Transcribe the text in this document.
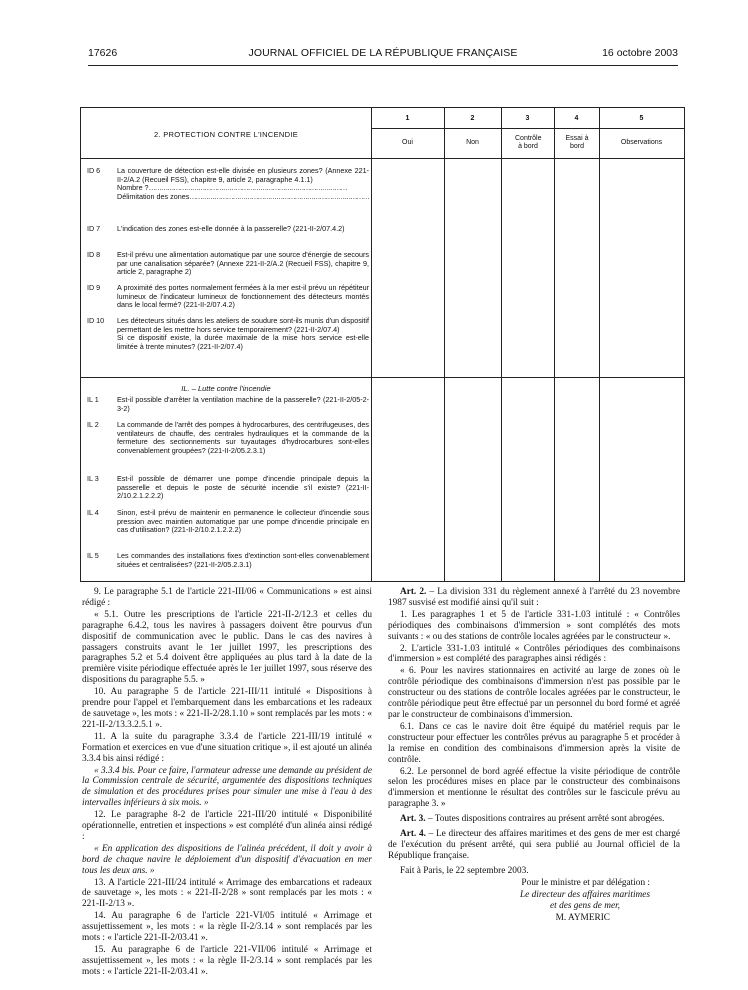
17626	JOURNAL OFFICIEL DE LA RÉPUBLIQUE FRANÇAISE	16 octobre 2003
2. PROTECTION CONTRE L'INCENDIE
1	2	3	4	5
Oui	Non
Contrôle à bord
Essai à bord
Observations
ID 6	La couverture de détection est-elle divisée en plusieurs zones? (Annexe 221-II-2/A.2 (Recueil FSS), chapitre 9, article 2, paragraphe 4.1.1)
Nombre ? ……………………………………………………………………………………
Délimitation des zones ……………………………………………………………………………………
ID 7	L'indication des zones est-elle donnée à la passerelle? (221-II-2/07.4.2)
ID 8	Est-il prévu une alimentation automatique par une source d'énergie de secours par une canalisation séparée? (Annexe 221-II-2/A.2 (Recueil FSS), chapitre 9, article 2, paragraphe 2)
ID 9	A proximité des portes normalement fermées à la mer est-il prévu un répétiteur lumineux de l'indicateur lumineux de fonctionnement des détecteurs montés dans le local fermé? (221-II-2/07.4.2)
ID 10	Les détecteurs situés dans les ateliers de soudure sont-ils munis d'un dispositif permettant de les mettre hors service temporairement? (221-II-2/07.4)
Si ce dispositif existe, la durée maximale de la mise hors service est-elle limitée à trente minutes? (221-II-2/07.4)
IL. – Lutte contre l'incendie
IL 1	Est-il possible d'arrêter la ventilation machine de la passerelle? (221-II-2/05-2-3-2)
IL 2	La commande de l'arrêt des pompes à hydrocarbures, des centrifugeuses, des ventilateurs de chauffe, des centrales hydrauliques et la commande de la fermeture des sectionnements sur tuyautages d'hydrocarbures sont-elles convenablement groupées? (221-II-2/05.2.3.1)
IL 3	Est-il possible de démarrer une pompe d'incendie principale depuis la passerelle et depuis le poste de sécurité incendie s'il existe? (221-II-2/10.2.1.2.2.2)
IL 4	Sinon, est-il prévu de maintenir en permanence le collecteur d'incendie sous pression avec maintien automatique par une pompe d'incendie principale en cas d'utilisation? (221-II-2/10.2.1.2.2.2)
IL 5	Les commandes des installations fixes d'extinction sont-elles convenablement situées et centralisées? (221-II-2/05.2.3.1)

9. Le paragraphe 5.1 de l'article 221-III/06 « Communications » est ainsi rédigé :

« 5.1. Outre les prescriptions de l'article 221-II-2/12.3 et celles du paragraphe 6.4.2, tous les navires à passagers doivent être pourvus d'un dispositif de communication avec le public. Dans le cas des navires à passagers construits avant le 1er juillet 1997, les prescriptions des paragraphes 5.2 et 5.4 doivent être appliquées au plus tard à la date de la première visite périodique effectuée après le 1er juillet 1997, sous réserve des dispositions du paragraphe 5.5. »

10. Au paragraphe 5 de l'article 221-III/11 intitulé « Dispositions à prendre pour l'appel et l'embarquement dans les embarcations et les radeaux de sauvetage », les mots : « 221-II-2/28.1.10 » sont remplacés par les mots : « 221-II-2/13.3.2.5.1 ».

11. A la suite du paragraphe 3.3.4 de l'article 221-III/19 intitulé « Formation et exercices en vue d'une situation critique », il est ajouté un alinéa 3.3.4 bis ainsi rédigé :

« 3.3.4 bis. Pour ce faire, l'armateur adresse une demande au président de la Commission centrale de sécurité, argumentée des dispositions techniques de simulation et des procédures prises pour simuler une mise à l'eau à des intervalles inférieurs à six mois. »

12. Le paragraphe 8-2 de l'article 221-III/20 intitulé « Disponibilité opérationnelle, entretien et inspections » est complété d'un alinéa ainsi rédigé :

« En application des dispositions de l'alinéa précédent, il doit y avoir à bord de chaque navire le déploiement d'un dispositif d'évacuation en mer tous les deux ans. »

13. A l'article 221-III/24 intitulé « Arrimage des embarcations et radeaux de sauvetage », les mots : « 221-II-2/28 » sont remplacés par les mots : « 221-II-2/13 ».

14. Au paragraphe 6 de l'article 221-VI/05 intitulé « Arrimage et assujettissement », les mots : « la règle II-2/3.14 » sont remplacés par les mots : « l'article 221-II-2/03.41 ».

15. Au paragraphe 6 de l'article 221-VII/06 intitulé « Arrimage et assujettissement », les mots : « la règle II-2/3.14 » sont remplacés par les mots : « l'article 221-II-2/03.41 ».

Art. 2. – La division 331 du règlement annexé à l'arrêté du 23 novembre 1987 susvisé est modifié ainsi qu'il suit :

1. Les paragraphes 1 et 5 de l'article 331-1.03 intitulé : « Contrôles périodiques des combinaisons d'immersion » sont complétés des mots suivants : « ou des stations de contrôle locales agréées par le constructeur ».

2. L'article 331-1.03 intitulé « Contrôles périodiques des combinaisons d'immersion » est complété des paragraphes ainsi rédigés :

« 6. Pour les navires stationnaires en activité au large de zones où le contrôle périodique des combinaisons d'immersion n'est pas possible par le constructeur ou des stations de contrôle locales agréées par le constructeur, le contrôle périodique peut être effectué par un personnel du bord formé et agréé par le constructeur de combinaisons d'immersion.

6.1. Dans ce cas le navire doit être équipé du matériel requis par le constructeur pour effectuer les contrôles prévus au paragraphe 5 et procéder à la remise en condition des combinaisons d'immersion après la visite de contrôle.

6.2. Le personnel de bord agréé effectue la visite périodique de contrôle selon les procédures mises en place par le constructeur des combinaisons d'immersion et mentionne le résultat des contrôles sur le fascicule prévu au paragraphe 3. »

Art. 3. – Toutes dispositions contraires au présent arrêté sont abrogées.

Art. 4. – Le directeur des affaires maritimes et des gens de mer est chargé de l'exécution du présent arrêté, qui sera publié au Journal officiel de la République française.

Fait à Paris, le 22 septembre 2003.

Pour le ministre et par délégation :

Le directeur des affaires maritimes

et des gens de mer,

M. AYMERIC
